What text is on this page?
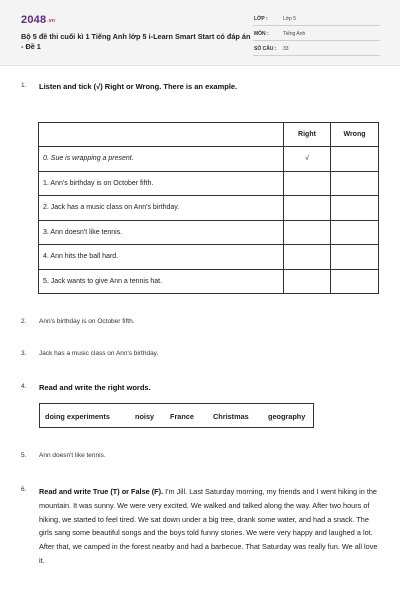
2048.vn
Bộ 5 đề thi cuối kì 1 Tiếng Anh lớp 5 i-Learn Smart Start có đáp án - Đề 1
LỚP :	Lớp 5
MÔN :	Tiếng Anh
SỐ CÂU : 33
1. Listen and tick (√) Right or Wrong. There is an example.
	Right	Wrong
0. Sue is wrapping a present.	√	
1. Ann's birthday is on October fifth.		
2. Jack has a music class on Ann's birthday.		
3. Ann doesn't like tennis.		
4. Ann hits the ball hard.		
5. Jack wants to give Ann a tennis hat.		
2. Ann's birthday is on October fifth.
3. Jack has a music class on Ann's birthday.
4. Read and write the right words.
doing experiments	noisy France	Christmas	geography
5. Ann doesn't like tennis.
6. Read and write True (T) or False (F). I'm Jill. Last Saturday morning, my friends and I went hiking in the mountain. It was sunny. We were very excited. We walked and talked along the way. After two hours of hiking, we started to feel tired. We sat down under a big tree, drank some water, and had a snack. The girls sang some beautiful songs and the boys told funny stories. We were very happy and laughed a lot. After that, we camped in the forest nearby and had a barbecue. That Saturday was really fun. We all love it.
